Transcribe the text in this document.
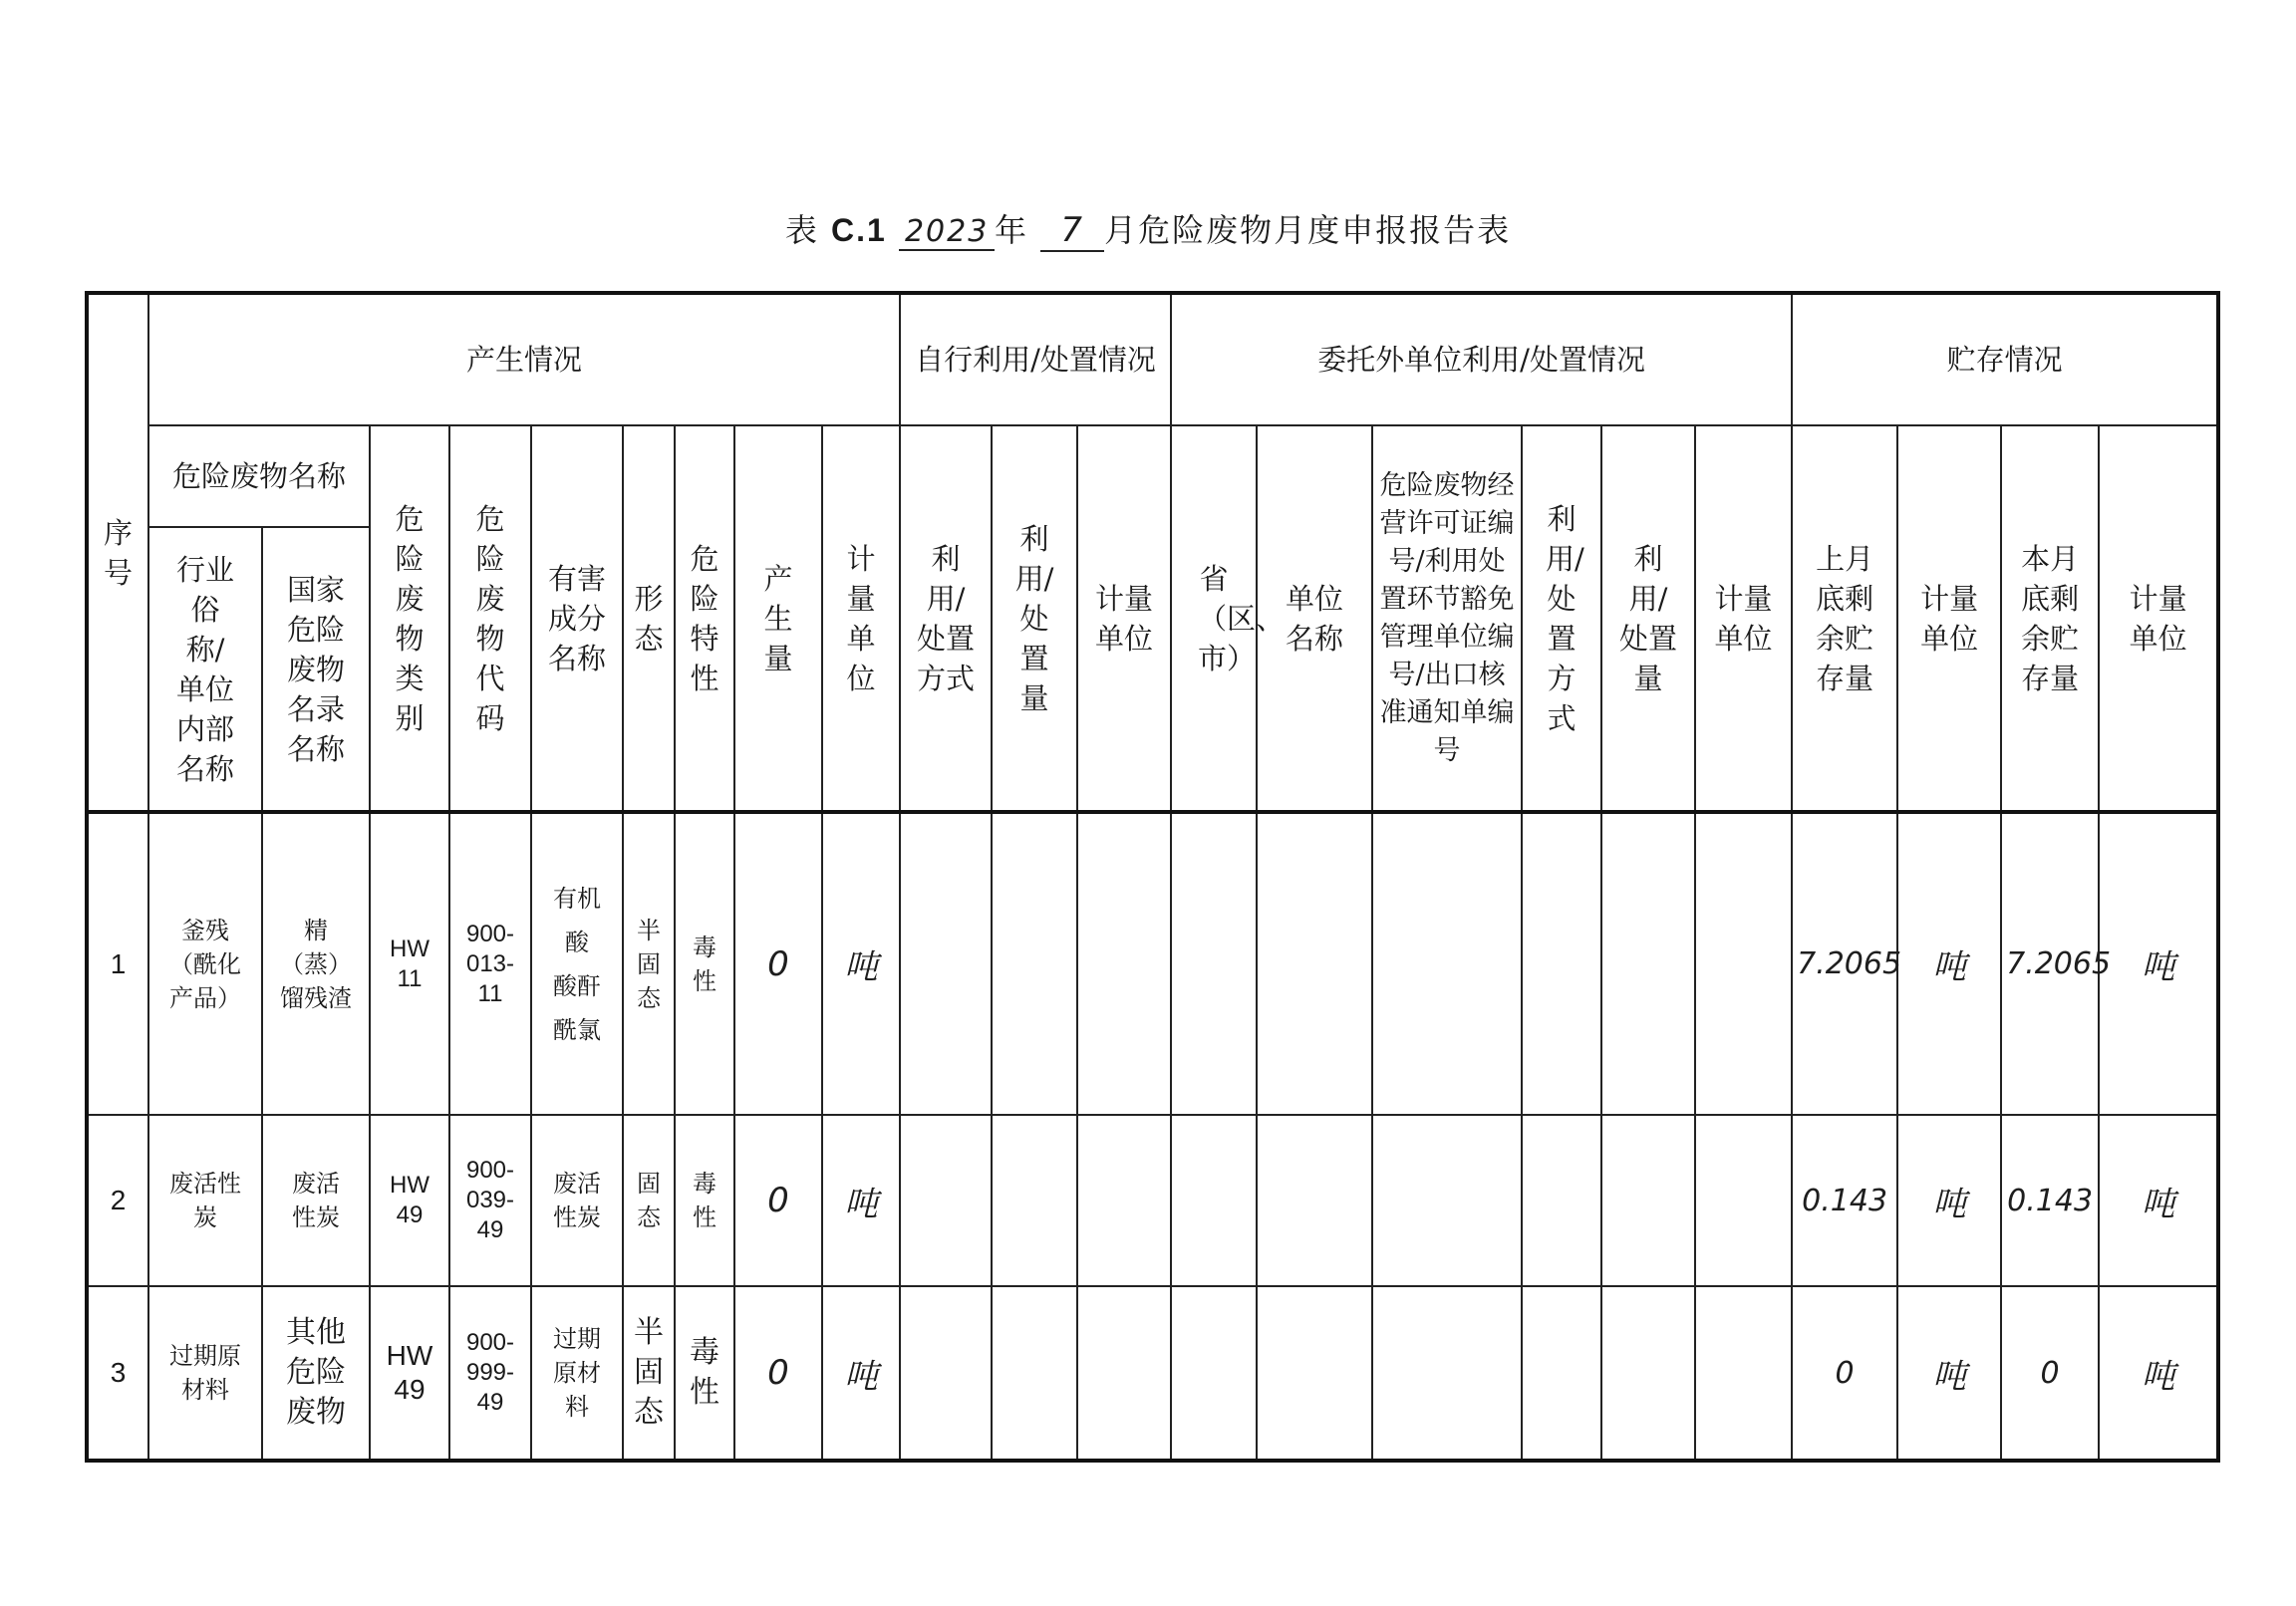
表 C.1 2023 年 7 月危险废物月度申报报告表
序号	产生情况									自行利用/处置情况			委托外单位利用/处置情况						贮存情况			
	危险废物名称		危险废物类别	危险废物代码	有害成分名称	形态	危险特性	产生量	计量单位	利用/处置方式	利用/处置量	计量单位	省（区、市）	单位名称	危险废物经营许可证编号/利用处置环节豁免管理单位编号/出口核准通知单编号	利用/处置方式	利用/处置量	计量单位	上月底剩余贮存量	计量单位	本月底剩余贮存量	计量单位
	行业俗称/单位内部名称	国家危险废物名录名称																				
1	釜残（酰化产品）	精（蒸）馏残渣	HW11	900-013-11	有机酸 酸酐 酰氯	半固态	毒性	0	吨										7.2065	吨	7.2065	吨
2	废活性炭	废活性炭	HW49	900-039-49	废活性炭	固态	毒性	0	吨										0.143	吨	0.143	吨
3	过期原材料	其他危险废物	HW49	900-999-49	过期原材料	半固态	毒性	0	吨										0	吨	0	吨
